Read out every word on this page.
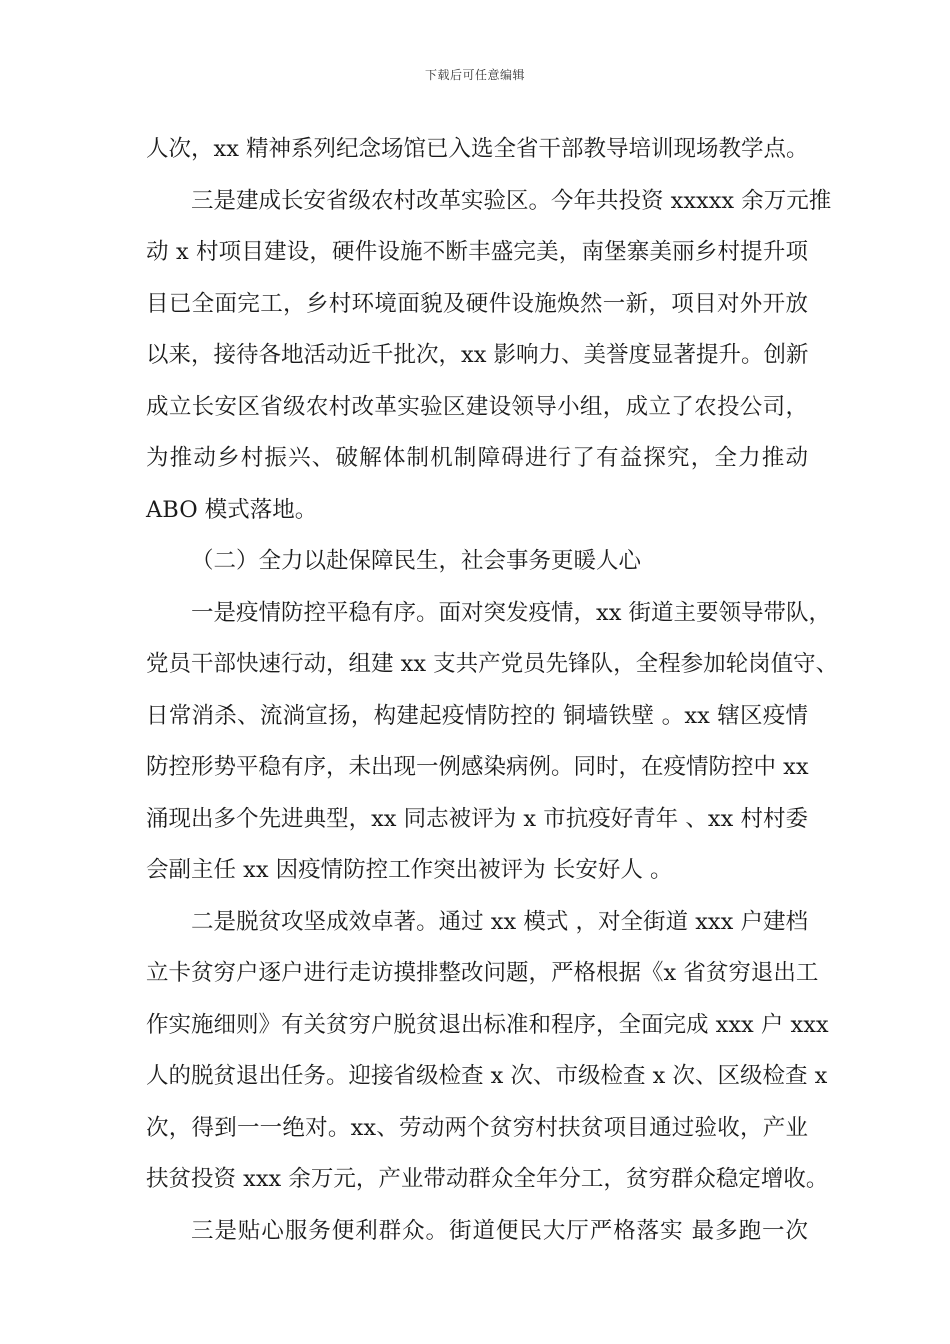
下载后可任意编辑
人次，xx 精神系列纪念场馆已入选全省干部教导培训现场教学点。
三是建成长安省级农村改革实验区。今年共投资 xxxxx 余万元推
动 x 村项目建设，硬件设施不断丰盛完美，南堡寨美丽乡村提升项
目已全面完工，乡村环境面貌及硬件设施焕然一新，项目对外开放
以来，接待各地活动近千批次，xx 影响力、美誉度显著提升。创新
成立长安区省级农村改革实验区建设领导小组，成立了农投公司，
为推动乡村振兴、破解体制机制障碍进行了有益探究，全力推动
ABO 模式落地。
（二）全力以赴保障民生，社会事务更暖人心
一是疫情防控平稳有序。面对突发疫情，xx 街道主要领导带队，
党员干部快速行动，组建 xx 支共产党员先锋队，全程参加轮岗值守、
日常消杀、流淌宣扬，构建起疫情防控的 铜墙铁壁 。xx 辖区疫情
防控形势平稳有序，未出现一例感染病例。同时，在疫情防控中 xx
涌现出多个先进典型，xx 同志被评为 x 市抗疫好青年 、xx 村村委
会副主任 xx 因疫情防控工作突出被评为 长安好人 。
二是脱贫攻坚成效卓著。通过 xx 模式 ，对全街道 xxx 户建档
立卡贫穷户逐户进行走访摸排整改问题，严格根据《x 省贫穷退出工
作实施细则》有关贫穷户脱贫退出标准和程序，全面完成 xxx 户 xxx
人的脱贫退出任务。迎接省级检查 x 次、市级检查 x 次、区级检查 x
次，得到一一绝对。xx、劳动两个贫穷村扶贫项目通过验收，产业
扶贫投资 xxx 余万元，产业带动群众全年分工，贫穷群众稳定增收。
三是贴心服务便利群众。街道便民大厅严格落实 最多跑一次
